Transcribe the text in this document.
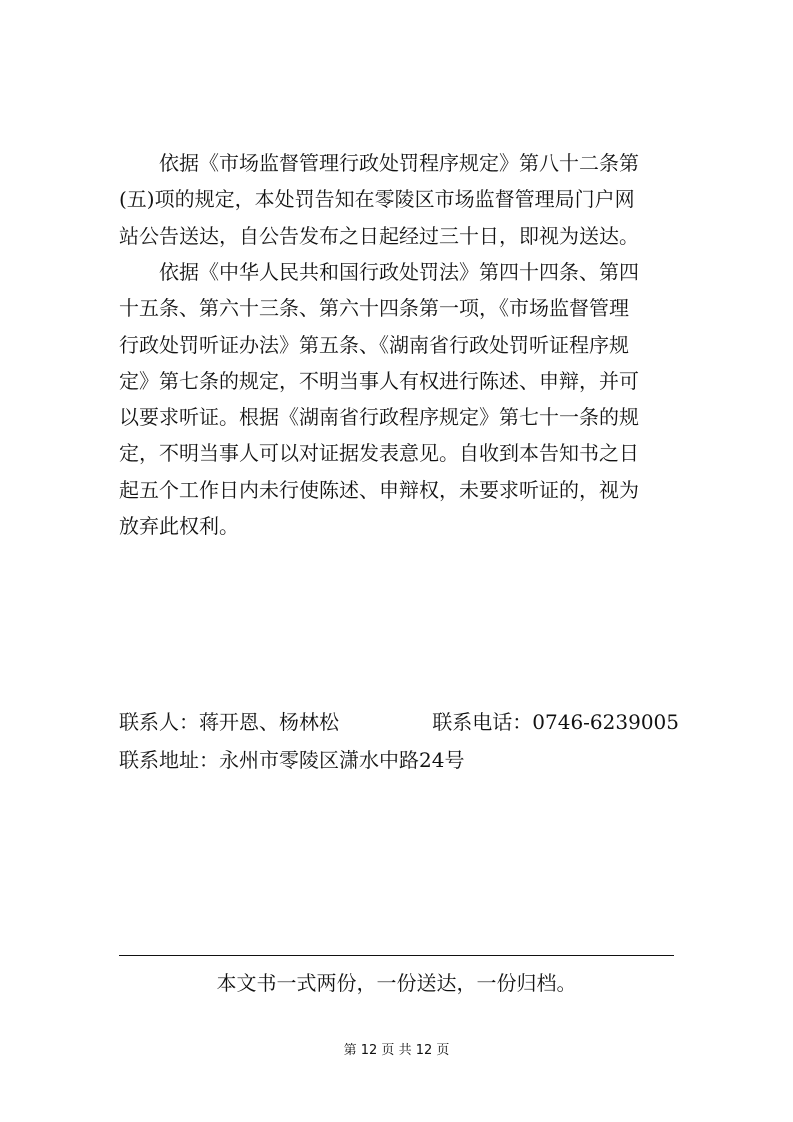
依据《市场监督管理行政处罚程序规定》第八十二条第
(五)项的规定，本处罚告知在零陵区市场监督管理局门户网
站公告送达，自公告发布之日起经过三十日，即视为送达。
依据《中华人民共和国行政处罚法》第四十四条、第四
十五条、第六十三条、第六十四条第一项，《市场监督管理
行政处罚听证办法》第五条、《湖南省行政处罚听证程序规
定》第七条的规定，不明当事人有权进行陈述、申辩，并可
以要求听证。根据《湖南省行政程序规定》第七十一条的规
定，不明当事人可以对证据发表意见。自收到本告知书之日
起五个工作日内未行使陈述、申辩权，未要求听证的，视为
放弃此权利。
联系人：蒋开恩、杨林松	联系电话：0746-6239005
联系地址：永州市零陵区潇水中路24号
本文书一式两份，一份送达，一份归档。
第 12 页 共 12 页
